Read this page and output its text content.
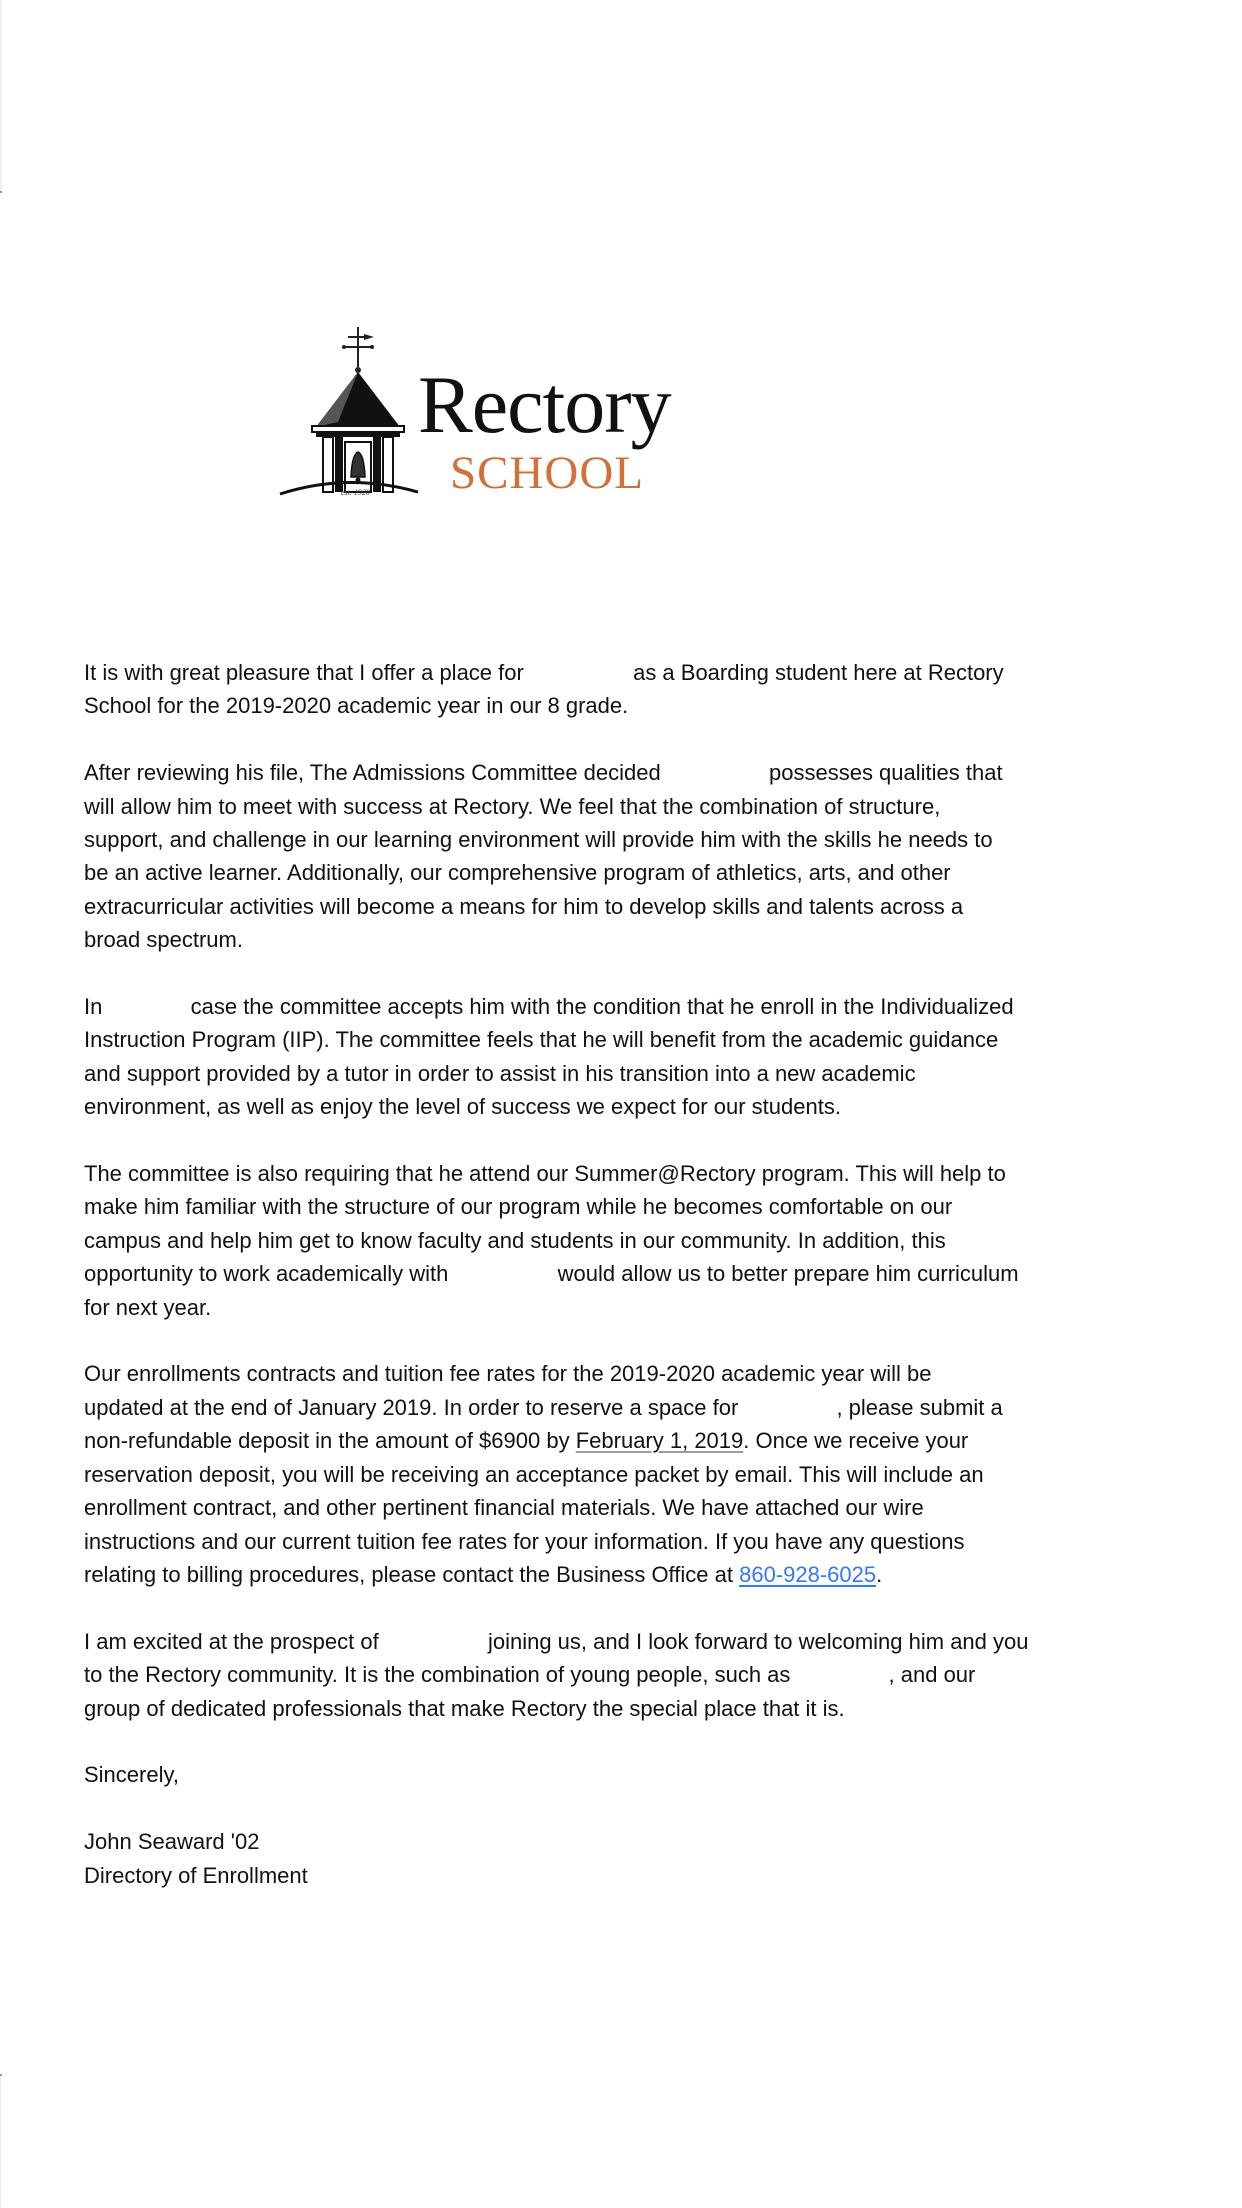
est. 1920
Rectory
SCHOOL
It is with great pleasure that I offer a place for	as a Boarding student here at Rectory
School for the 2019-2020 academic year in our 8 grade.
After reviewing his file, The Admissions Committee decided	possesses qualities that
will allow him to meet with success at Rectory. We feel that the combination of structure,
support, and challenge in our learning environment will provide him with the skills he needs to
be an active learner. Additionally, our comprehensive program of athletics, arts, and other
extracurricular activities will become a means for him to develop skills and talents across a
broad spectrum.
In	case the committee accepts him with the condition that he enroll in the Individualized
Instruction Program (IIP). The committee feels that he will benefit from the academic guidance
and support provided by a tutor in order to assist in his transition into a new academic
environment, as well as enjoy the level of success we expect for our students.
The committee is also requiring that he attend our Summer@Rectory program. This will help to
make him familiar with the structure of our program while he becomes comfortable on our
campus and help him get to know faculty and students in our community. In addition, this
opportunity to work academically with	would allow us to better prepare him curriculum
for next year.
Our enrollments contracts and tuition fee rates for the 2019-2020 academic year will be
updated at the end of January 2019. In order to reserve a space for	, please submit a
non-refundable deposit in the amount of $6900 by February 1, 2019. Once we receive your
reservation deposit, you will be receiving an acceptance packet by email. This will include an
enrollment contract, and other pertinent financial materials. We have attached our wire
instructions and our current tuition fee rates for your information. If you have any questions
relating to billing procedures, please contact the Business Office at 860-928-6025.
I am excited at the prospect of	joining us, and I look forward to welcoming him and you
to the Rectory community. It is the combination of young people, such as	, and our
group of dedicated professionals that make Rectory the special place that it is.
Sincerely,
John Seaward '02
Directory of Enrollment
